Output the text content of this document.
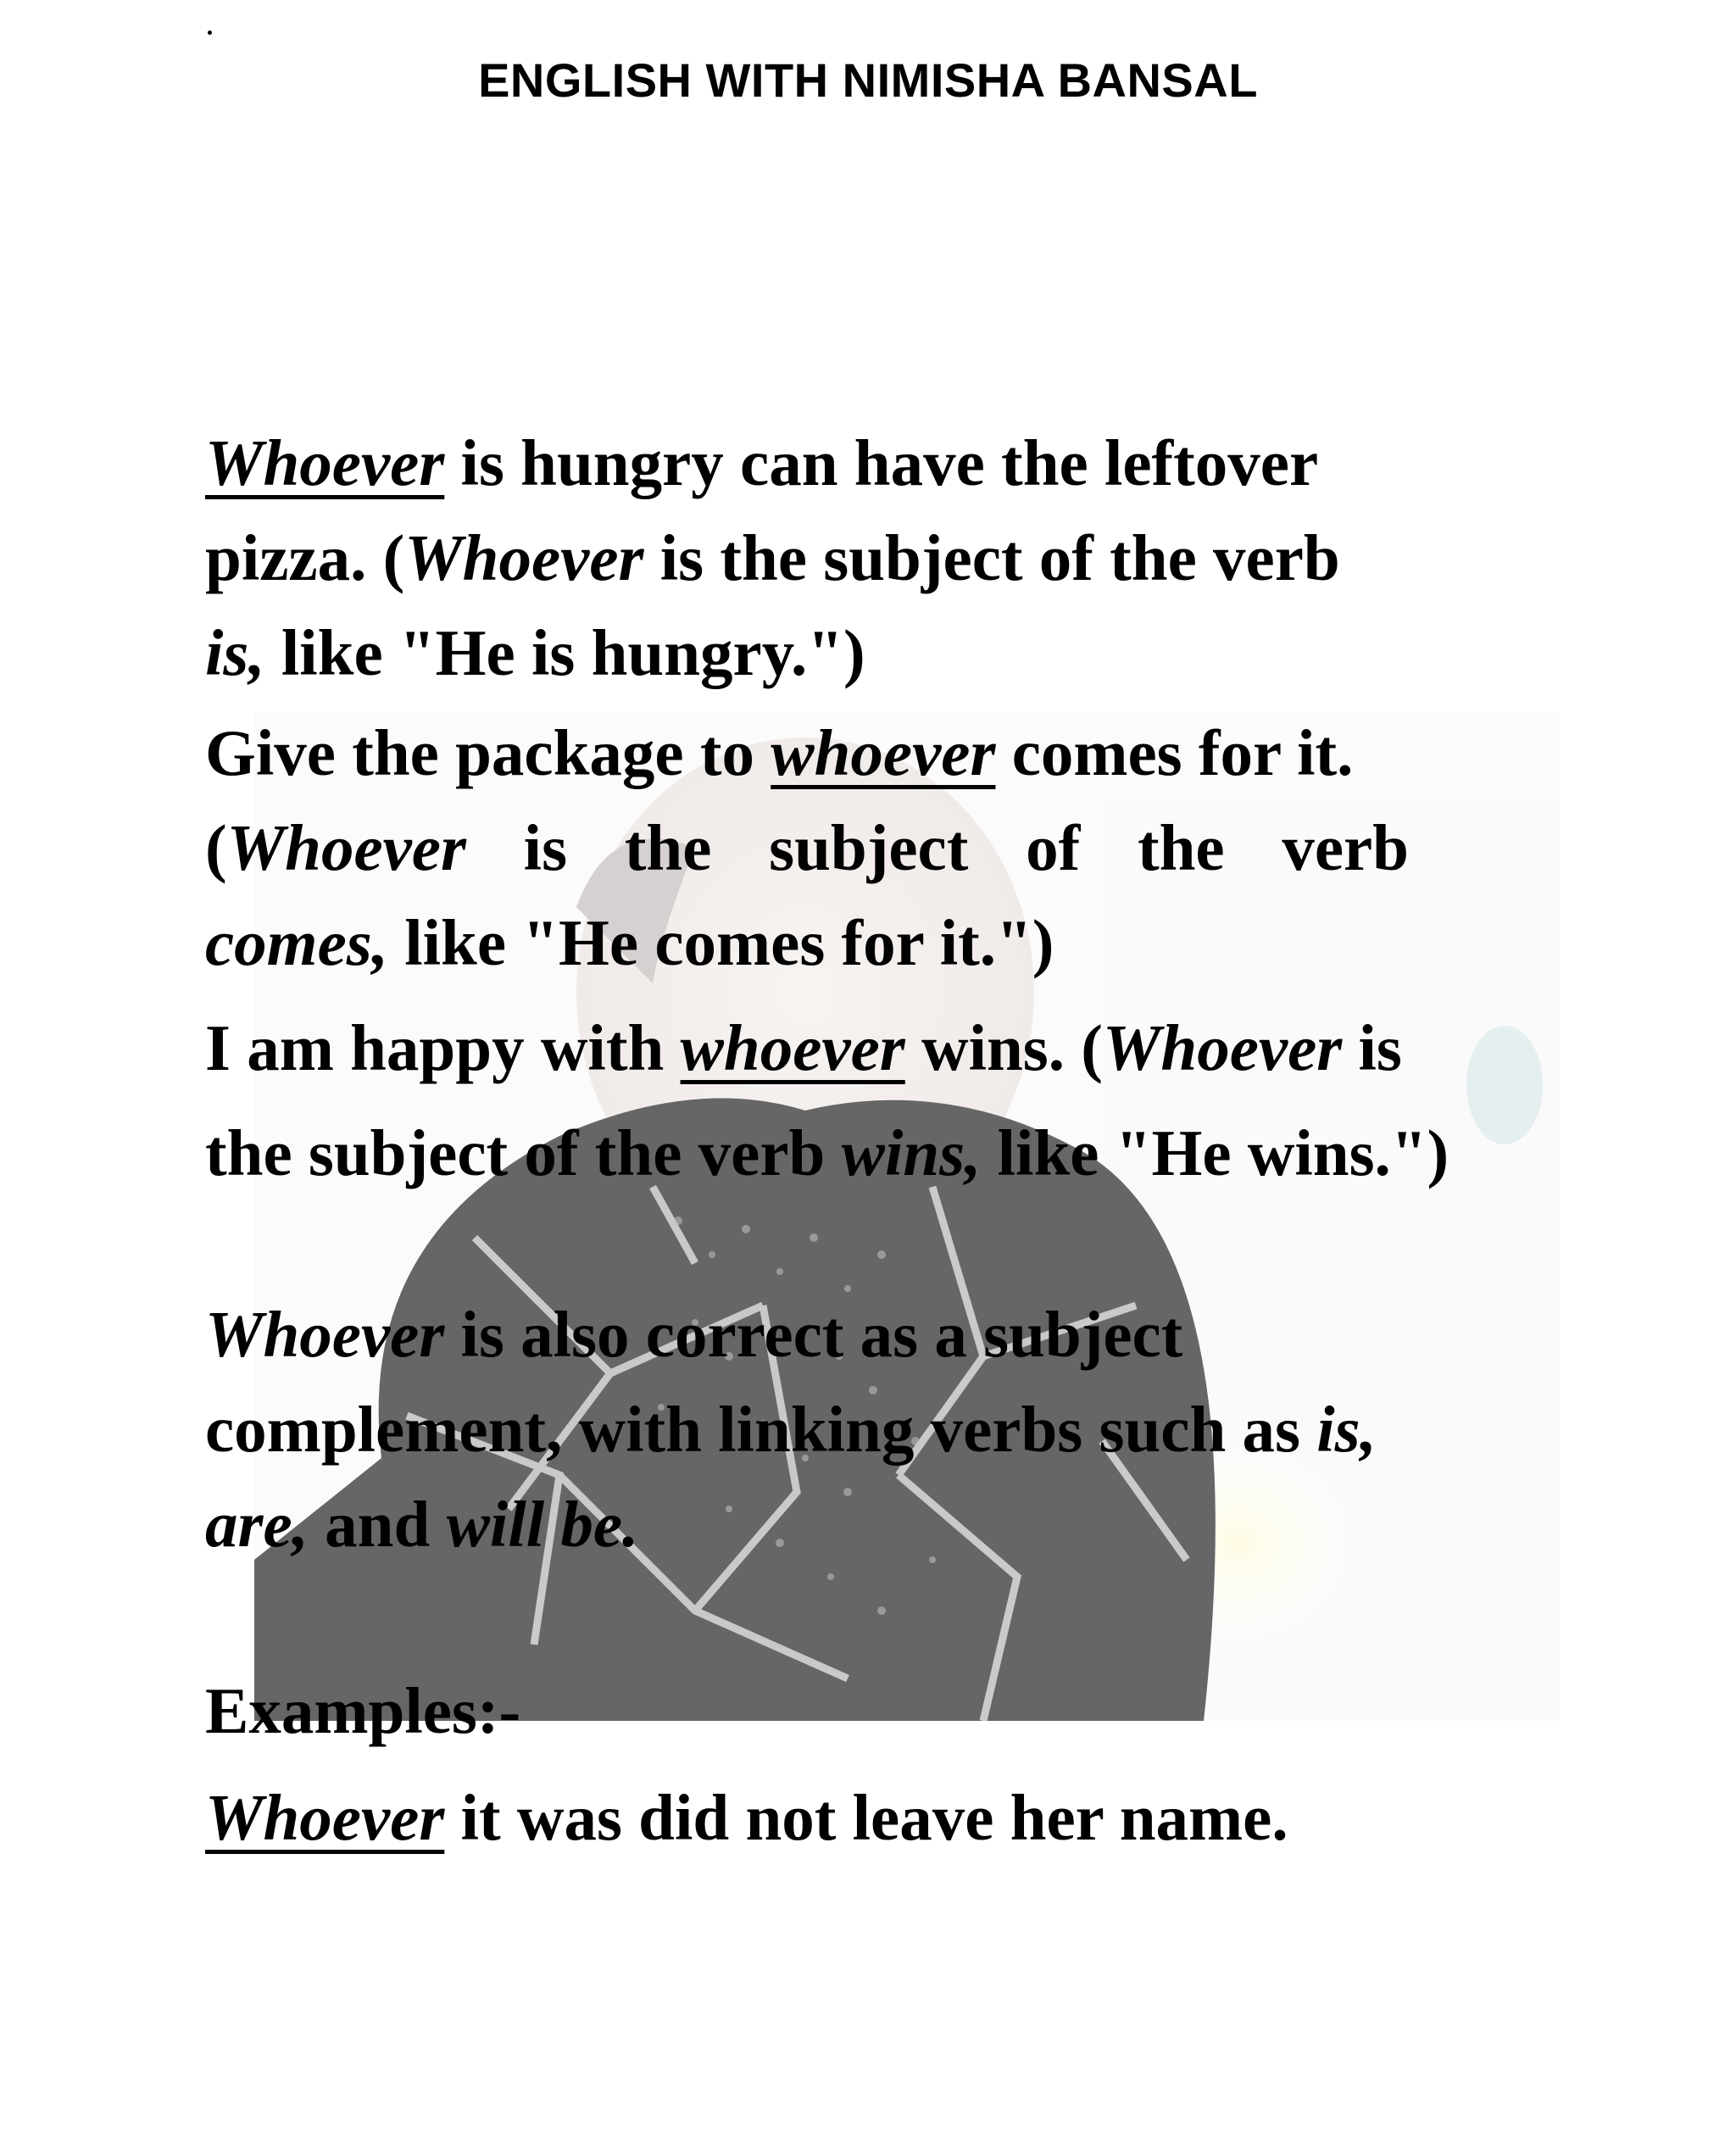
ENGLISH WITH NIMISHA BANSAL

Whoever is hungry can have the leftover
pizza. (Whoever is the subject of the verb
is, like "He is hungry.")

Give the package to whoever comes for it.
(Whoever is the subject of the verb
comes, like "He comes for it.")

I am happy with whoever wins. (Whoever is
the subject of the verb wins, like "He wins.")

Whoever is also correct as a subject
complement, with linking verbs such as is,
are, and will be.

Examples:-

Whoever it was did not leave her name.
